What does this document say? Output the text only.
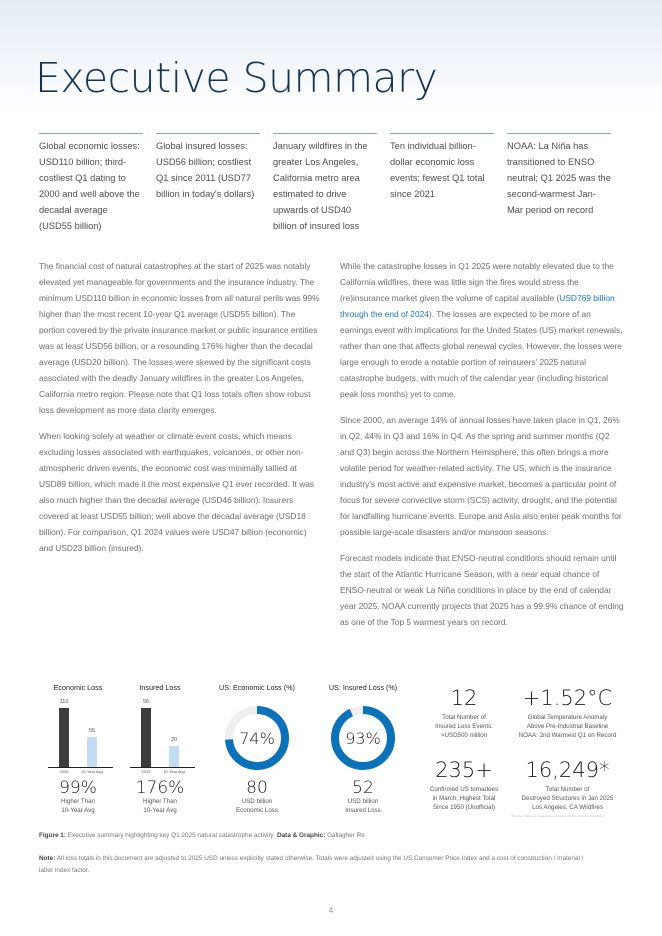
Executive Summary
Global economic losses: USD110 billion; third-costliest Q1 dating to 2000 and well above the decadal average (USD55 billion)
Global insured losses: USD56 billion; costliest Q1 since 2011 (USD77 billion in today's dollars)
January wildfires in the greater Los Angeles, California metro area estimated to drive upwards of USD40 billion of insured loss
Ten individual billion-dollar economic loss events; fewest Q1 total since 2021
NOAA: La Niña has transitioned to ENSO neutral; Q1 2025 was the second-warmest Jan-Mar period on record

The financial cost of natural catastrophes at the start of 2025 was notably elevated yet manageable for governments and the insurance industry. The minimum USD110 billion in economic losses from all natural perils was 99% higher than the most recent 10-year Q1 average (USD55 billion). The portion covered by the private insurance market or public insurance entities was at least USD56 billion, or a resounding 176% higher than the decadal average (USD20 billion). The losses were skewed by the significant costs associated with the deadly January wildfires in the greater Los Angeles, California metro region. Please note that Q1 loss totals often show robust loss development as more data clarity emerges.

When looking solely at weather or climate event costs, which means excluding losses associated with earthquakes, volcanoes, or other non-atmospheric driven events, the economic cost was minimally tallied at USD89 billion, which made it the most expensive Q1 ever recorded. It was also much higher than the decadal average (USD46 billion). Insurers covered at least USD55 billion; well above the decadal average (USD18 billion). For comparison, Q1 2024 values were USD47 billion (economic) and USD23 billion (insured).

While the catastrophe losses in Q1 2025 were notably elevated due to the California wildfires, there was little sign the fires would stress the (re)insurance market given the volume of capital available (USD769 billion through the end of 2024). The losses are expected to be more of an earnings event with implications for the United States (US) market renewals, rather than one that affects global renewal cycles. However, the losses were large enough to erode a notable portion of reinsurers' 2025 natural catastrophe budgets, with much of the calendar year (including historical peak loss months) yet to come.

Since 2000, an average 14% of annual losses have taken place in Q1, 26% in Q2, 44% in Q3 and 16% in Q4. As the spring and summer months (Q2 and Q3) begin across the Northern Hemisphere, this often brings a more volatile period for weather-related activity. The US, which is the insurance industry's most active and expensive market, becomes a particular point of focus for severe convective storm (SCS) activity, drought, and the potential for landfalling hurricane events. Europe and Asia also enter peak months for possible large-scale disasters and/or monsoon seasons.

Forecast models indicate that ENSO-neutral conditions should remain until the start of the Atlantic Hurricane Season, with a near equal chance of ENSO-neutral or weak La Niña conditions in place by the end of calendar year 2025. NOAA currently projects that 2025 has a 99.9% chance of ending as one of the Top 5 warmest years on record.

Economic Loss
110
55
2025	10-Year Avg
99%
Higher Than
10-Year Avg
Insured Loss
56
20
2025	10-Year Avg
176%
Higher Than
10-Year Avg
US: Economic Loss (%)
74%
80
USD billion
Economic Loss
US: Insured Loss (%)
93%
52
USD billion
Insured Loss
12
Total Number of
Insured Loss Events:
>USD500 million
+1.52°C
Global Temperature Anomaly
Above Pre-Industrial Baseline
NOAA: 2nd Warmest Q1 on Record
235+
Confirmed US tornadoes
in March; Highest Total
Since 1950 (Unofficial)
16,249*
Total Number of
Destroyed Structures in Jan 2025
Los Angeles, CA Wildfires
*Source: California Department of Forestry & Fire Protection (CalFire)
Figure 1: Executive summary highlighting key Q1 2025 natural catastrophe activity Data & Graphic: Gallagher Re
Note: All loss totals in this document are adjusted to 2025 USD unless explicitly stated otherwise. Totals were adjusted using the US Consumer Price Index and a cost of construction / material / labor index factor.
4
